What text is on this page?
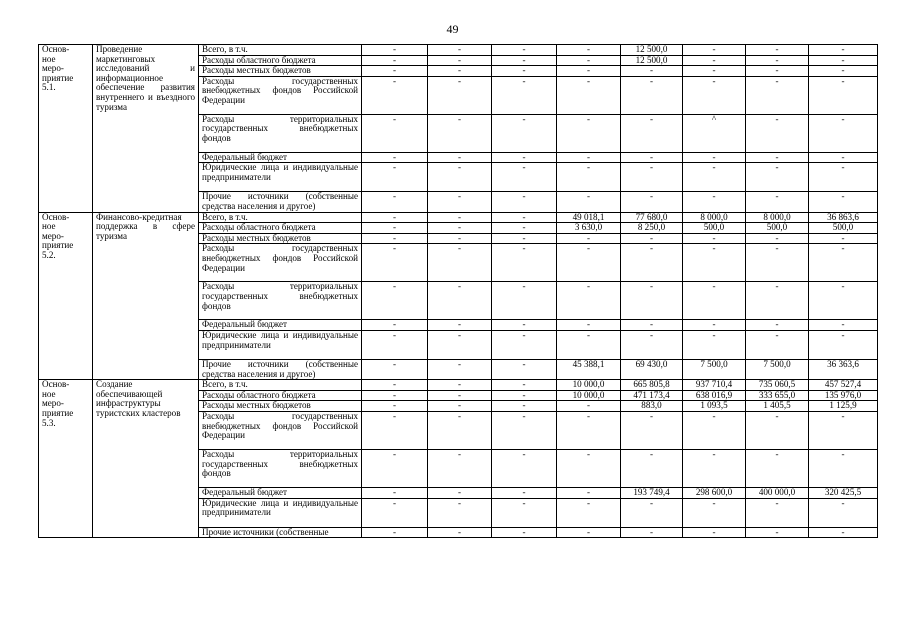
49
Основ-
ное
меро-
приятие
5.1.	Проведение маркетинговых исследований и информационное обеспечение развития внутреннего и въездного туризма	Всего, в т.ч.	-	-	-	-	12 500,0	-	-	-
		Расходы областного бюджета	-	-	-	-	12 500,0	-	-	-
		Расходы местных бюджетов	-	-	-	-	-	-	-	-
		Расходы государственных внебюджетных фондов Российской Федерации	-	-	-	-	-	-	-	-
		Расходы территориальных государственных внебюджетных фондов	-	-	-	-	-	^	-	-
		Федеральный бюджет	-	-	-	-	-	-	-	-
		Юридические лица и индивидуальные предприниматели	-	-	-	-	-	-	-	-
		Прочие источники (собственные средства населения и другое)	-	-	-	-	-	-	-	-
Основ-
ное
меро-
приятие
5.2.	Финансово-кредитная поддержка в сфере туризма	Всего, в т.ч.	-	-	-	49 018,1	77 680,0	8 000,0	8 000,0	36 863,6
		Расходы областного бюджета	-	-	-	3 630,0	8 250,0	500,0	500,0	500,0
		Расходы местных бюджетов	-	-	-	-	-	-	-	-
		Расходы государственных внебюджетных фондов Российской Федерации	-	-	-	-	-	-	-	-
		Расходы территориальных государственных внебюджетных фондов	-	-	-	-	-	-	-	-
		Федеральный бюджет	-	-	-	-	-	-	-	-
		Юридические лица и индивидуальные предприниматели	-	-	-	-	-	-	-	-
		Прочие источники (собственные средства населения и другое)	-	-	-	45 388,1	69 430,0	7 500,0	7 500,0	36 363,6
Основ-
ное
меро-
приятие
5.3.	Создание обеспечивающей инфраструктуры туристских кластеров	Всего, в т.ч.	-	-	-	10 000,0	665 805,8	937 710,4	735 060,5	457 527,4
		Расходы областного бюджета	-	-	-	10 000,0	471 173,4	638 016,9	333 655,0	135 976,0
		Расходы местных бюджетов	-	-	-	-	883,0	1 093,5	1 405,5	1 125,9
		Расходы государственных внебюджетных фондов Российской Федерации	-	-	-	-	-	-	-	-
		Расходы территориальных государственных внебюджетных фондов	-	-	-	-	-	-	-	-
		Федеральный бюджет	-	-	-	-	193 749,4	298 600,0	400 000,0	320 425,5
		Юридические лица и индивидуальные предприниматели	-	-	-	-	-	-	-	-
		Прочие источники (собственные	-	-	-	-	-	-	-	-
